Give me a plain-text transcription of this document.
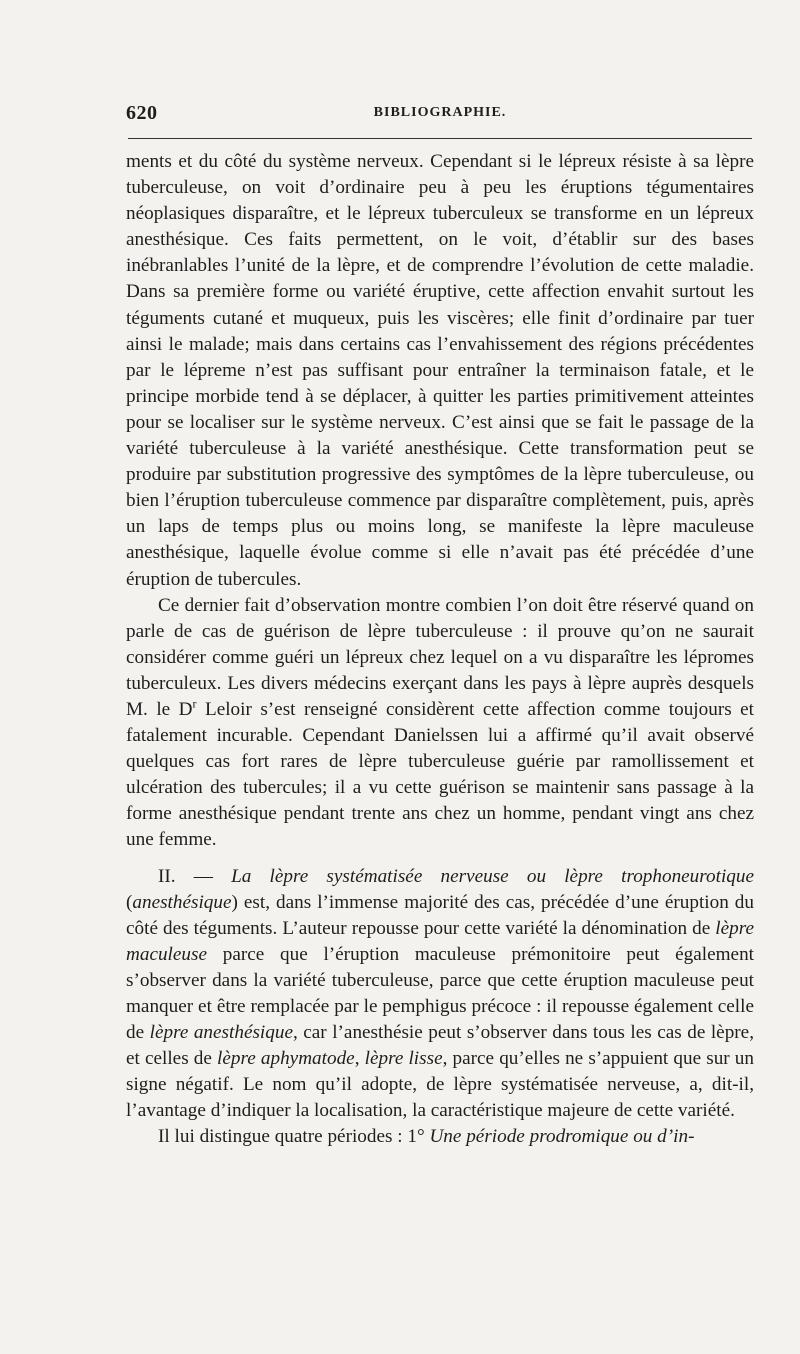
620	BIBLIOGRAPHIE.

ments et du côté du système nerveux. Cependant si le lépreux résiste à sa lèpre tuberculeuse, on voit d’ordinaire peu à peu les éruptions tégumentaires néoplasiques disparaître, et le lépreux tuberculeux se transforme en un lépreux anesthésique. Ces faits permettent, on le voit, d’établir sur des bases inébranlables l’unité de la lèpre, et de comprendre l’évolution de cette maladie. Dans sa première forme ou variété éruptive, cette affection envahit surtout les téguments cutané et muqueux, puis les viscères; elle finit d’ordinaire par tuer ainsi le malade; mais dans certains cas l’envahissement des régions précédentes par le lépreme n’est pas suffisant pour entraîner la terminaison fatale, et le principe morbide tend à se déplacer, à quitter les parties primitivement atteintes pour se localiser sur le système nerveux. C’est ainsi que se fait le passage de la variété tuberculeuse à la variété anesthésique. Cette transformation peut se produire par substitution progressive des symptômes de la lèpre tuberculeuse, ou bien l’éruption tuberculeuse commence par disparaître complètement, puis, après un laps de temps plus ou moins long, se manifeste la lèpre maculeuse anesthésique, laquelle évolue comme si elle n’avait pas été précédée d’une éruption de tubercules.

Ce dernier fait d’observation montre combien l’on doit être réservé quand on parle de cas de guérison de lèpre tuberculeuse : il prouve qu’on ne saurait considérer comme guéri un lépreux chez lequel on a vu disparaître les lépromes tuberculeux. Les divers médecins exerçant dans les pays à lèpre auprès desquels M. le $D^r$ Leloir s’est renseigné considèrent cette affection comme toujours et fatalement incurable. Cependant Danielssen lui a affirmé qu’il avait observé quelques cas fort rares de lèpre tuberculeuse guérie par ramollissement et ulcération des tubercules; il a vu cette guérison se maintenir sans passage à la forme anesthésique pendant trente ans chez un homme, pendant vingt ans chez une femme.

II. — La lèpre systématisée nerveuse ou lèpre trophoneurotique (anesthésique) est, dans l’immense majorité des cas, précédée d’une éruption du côté des téguments. L’auteur repousse pour cette variété la dénomination de lèpre maculeuse parce que l’éruption maculeuse prémonitoire peut également s’observer dans la variété tuberculeuse, parce que cette éruption maculeuse peut manquer et être remplacée par le pemphigus précoce : il repousse également celle de lèpre anesthésique, car l’anesthésie peut s’observer dans tous les cas de lèpre, et celles de lèpre aphymatode, lèpre lisse, parce qu’elles ne s’appuient que sur un signe négatif. Le nom qu’il adopte, de lèpre systématisée nerveuse, a, dit-il, l’avantage d’indiquer la localisation, la caractéristique majeure de cette variété.

Il lui distingue quatre périodes : 1° Une période prodromique ou d’in-
